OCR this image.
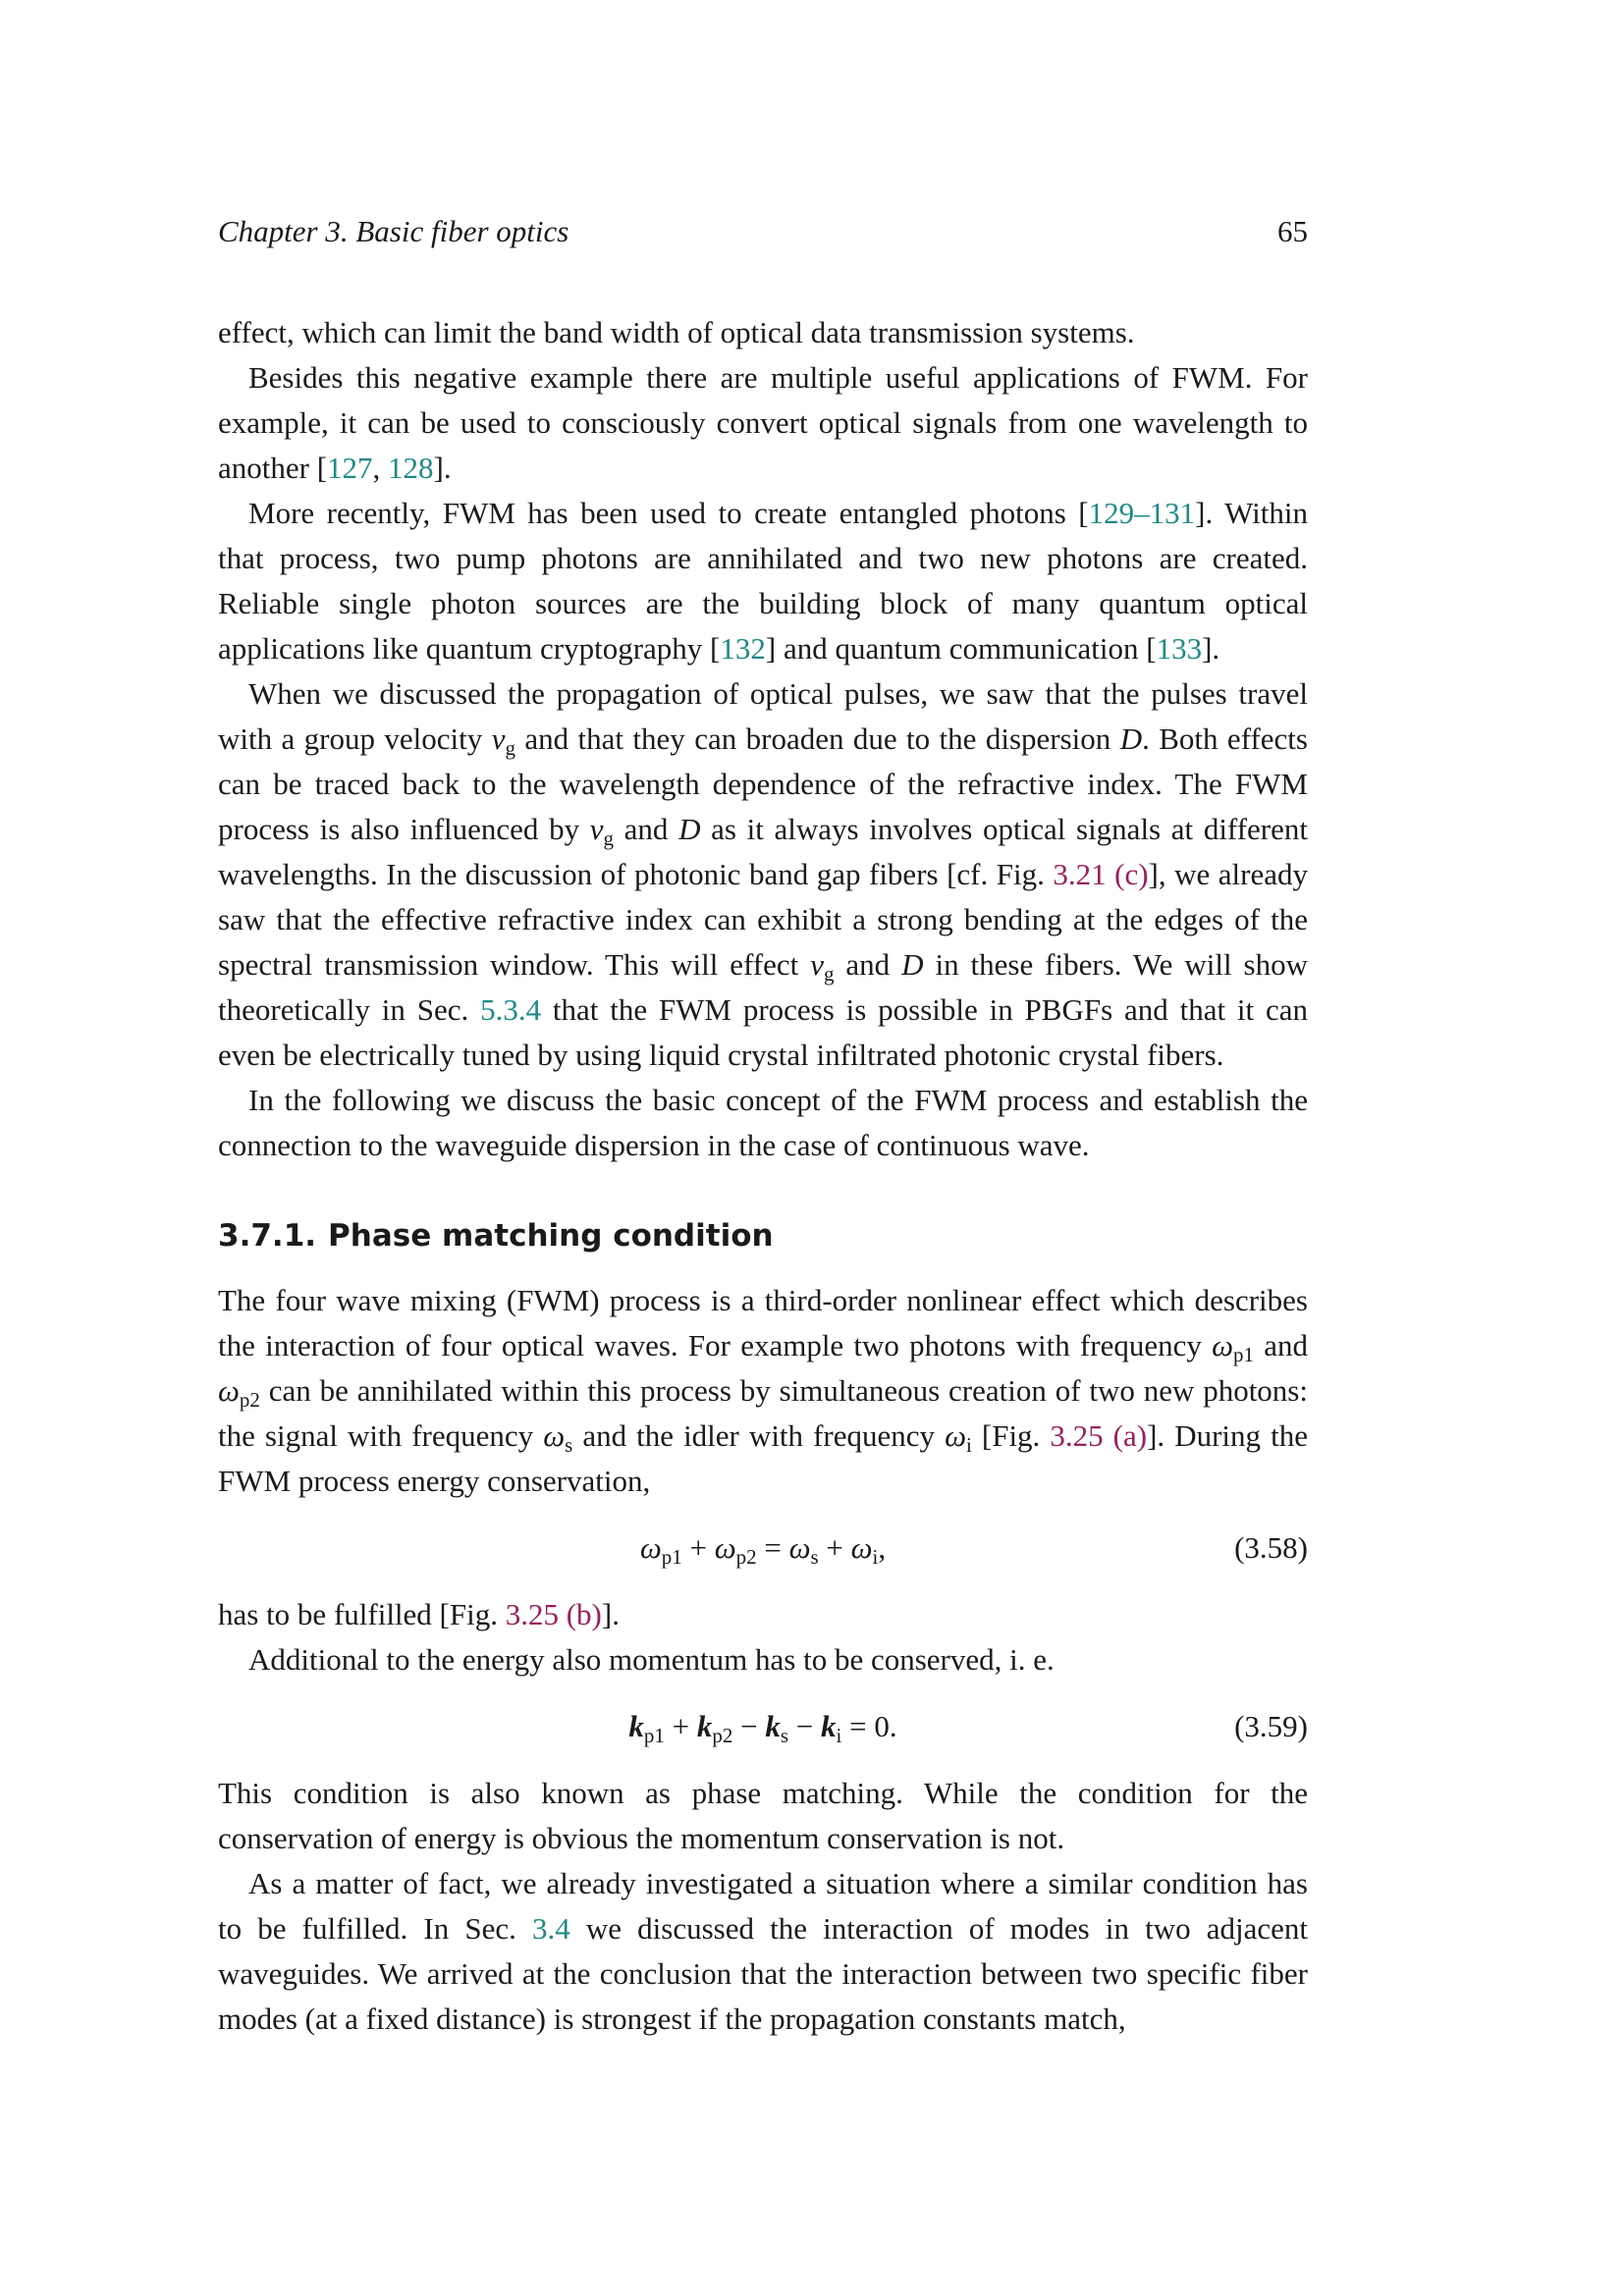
Chapter 3. Basic fiber optics	65

effect, which can limit the band width of optical data transmission systems.

Besides this negative example there are multiple useful applications of FWM. For example, it can be used to consciously convert optical signals from one wavelength to another [127, 128].

More recently, FWM has been used to create entangled photons [129–131]. Within that process, two pump photons are annihilated and two new photons are created. Reliable single photon sources are the building block of many quantum optical applications like quantum cryptography [132] and quantum communication [133].

When we discussed the propagation of optical pulses, we saw that the pulses travel with a group velocity $v_g$ and that they can broaden due to the dispersion D. Both effects can be traced back to the wavelength dependence of the refractive index. The FWM process is also influenced by $v_g$ and D as it always involves optical signals at different wavelengths. In the discussion of photonic band gap fibers [cf. Fig. 3.21 (c)], we already saw that the effective refractive index can exhibit a strong bending at the edges of the spectral transmission window. This will effect $v_g$ and D in these fibers. We will show theoretically in Sec. 5.3.4 that the FWM process is possible in PBGFs and that it can even be electrically tuned by using liquid crystal infiltrated photonic crystal fibers.

In the following we discuss the basic concept of the FWM process and establish the connection to the waveguide dispersion in the case of continuous wave.

3.7.1. Phase matching condition

The four wave mixing (FWM) process is a third-order nonlinear effect which describes the interaction of four optical waves. For example two photons with frequency $\omega_{p1}$ and $\omega_{p2}$ can be annihilated within this process by simultaneous creation of two new photons: the signal with frequency $\omega_s$ and the idler with frequency $\omega_i$ [Fig. 3.25 (a)]. During the FWM process energy conservation,

$\omega_{p1} + \omega_{p2} = \omega_s + \omega_i$,	(3.58)

has to be fulfilled [Fig. 3.25 (b)].

Additional to the energy also momentum has to be conserved, i. e.

$k_{p1} + k_{p2} - k_s - k_i = 0$.	(3.59)

This condition is also known as phase matching. While the condition for the conservation of energy is obvious the momentum conservation is not.

As a matter of fact, we already investigated a situation where a similar condition has to be fulfilled. In Sec. 3.4 we discussed the interaction of modes in two adjacent waveguides. We arrived at the conclusion that the interaction between two specific fiber modes (at a fixed distance) is strongest if the propagation constants match,
